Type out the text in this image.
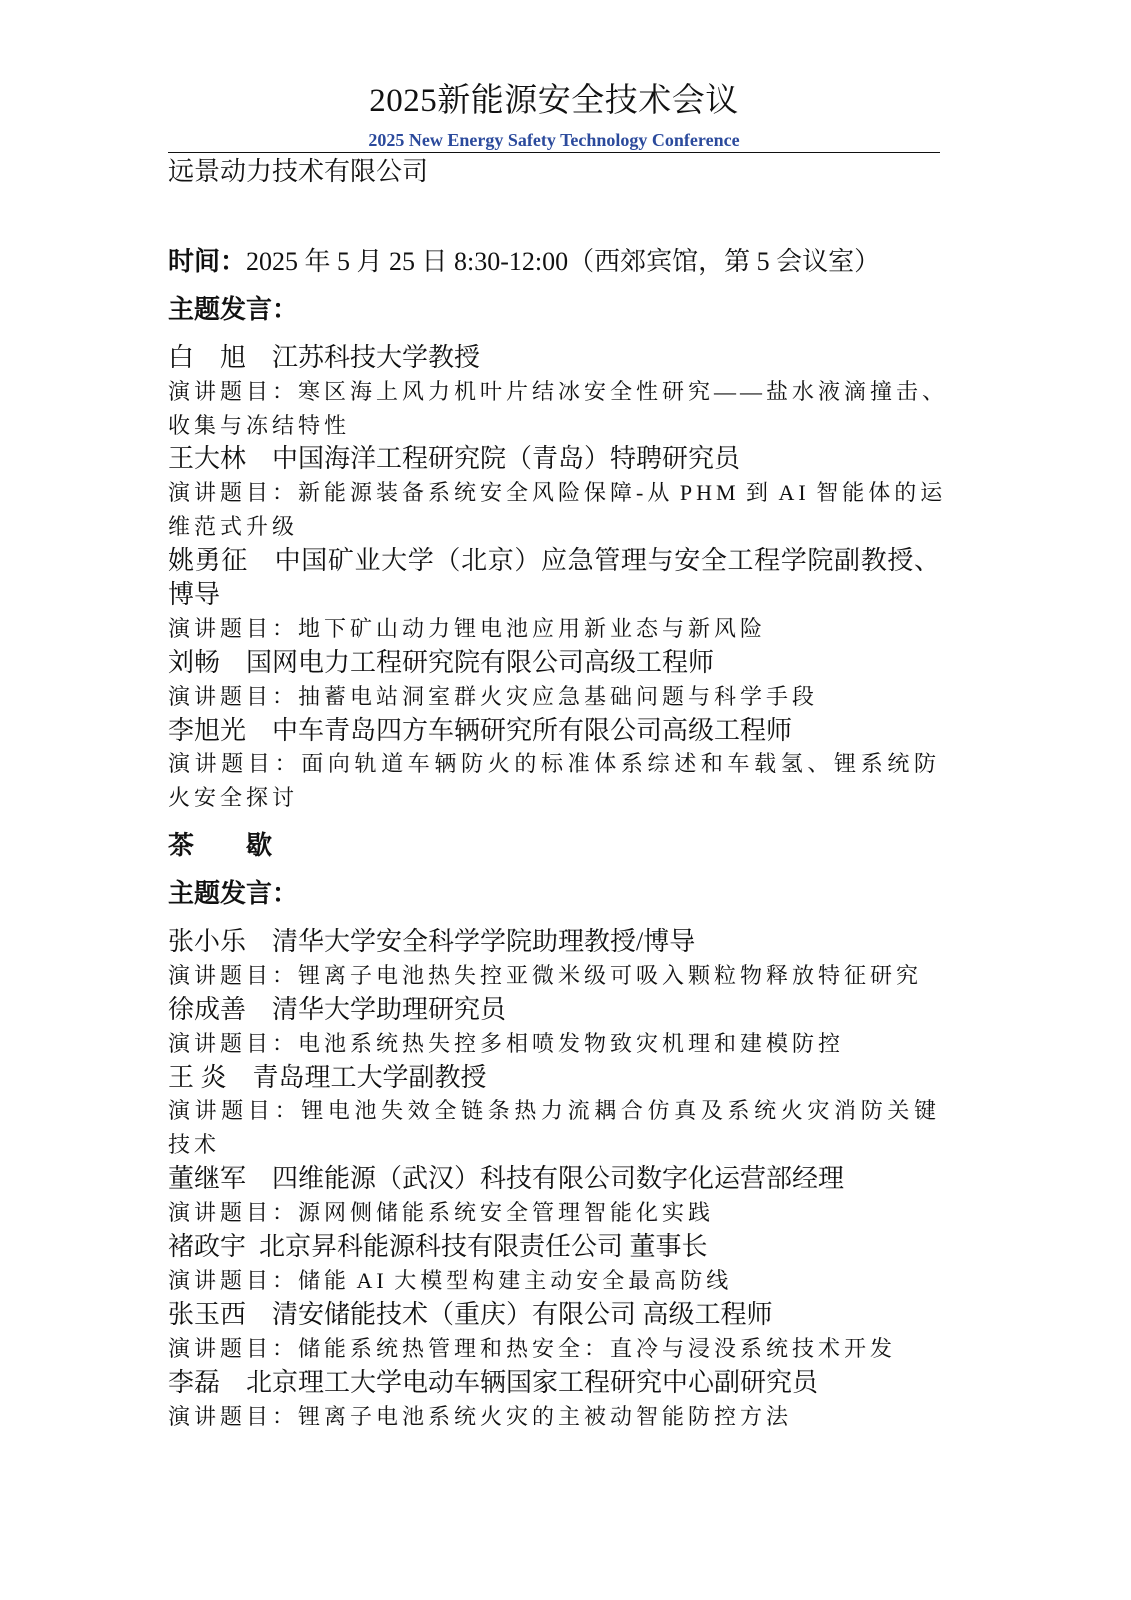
2025新能源安全技术会议
2025 New Energy Safety Technology Conference
远景动力技术有限公司
时间：2025 年 5 月 25 日 8:30-12:00（西郊宾馆，第 5 会议室）
主题发言：
白　旭 江苏科技大学教授
演讲题目：寒区海上风力机叶片结冰安全性研究——盐水液滴撞击、
收集与冻结特性
王大林 中国海洋工程研究院（青岛）特聘研究员
演讲题目：新能源装备系统安全风险保障-从 PHM 到 AI 智能体的运
维范式升级
姚勇征 中国矿业大学（北京）应急管理与安全工程学院副教授、
博导
演讲题目：地下矿山动力锂电池应用新业态与新风险
刘畅 国网电力工程研究院有限公司高级工程师
演讲题目：抽蓄电站洞室群火灾应急基础问题与科学手段
李旭光 中车青岛四方车辆研究所有限公司高级工程师
演讲题目：面向轨道车辆防火的标准体系综述和车载氢、锂系统防
火安全探讨
茶　　歇
主题发言：
张小乐 清华大学安全科学学院助理教授/博导
演讲题目：锂离子电池热失控亚微米级可吸入颗粒物释放特征研究
徐成善 清华大学助理研究员
演讲题目：电池系统热失控多相喷发物致灾机理和建模防控
王 炎 青岛理工大学副教授
演讲题目：锂电池失效全链条热力流耦合仿真及系统火灾消防关键
技术
董继军 四维能源（武汉）科技有限公司数字化运营部经理
演讲题目：源网侧储能系统安全管理智能化实践
褚政宇 北京昇科能源科技有限责任公司 董事长
演讲题目：储能 AI 大模型构建主动安全最高防线
张玉西 清安储能技术（重庆）有限公司 高级工程师
演讲题目：储能系统热管理和热安全：直冷与浸没系统技术开发
李磊 北京理工大学电动车辆国家工程研究中心副研究员
演讲题目：锂离子电池系统火灾的主被动智能防控方法
